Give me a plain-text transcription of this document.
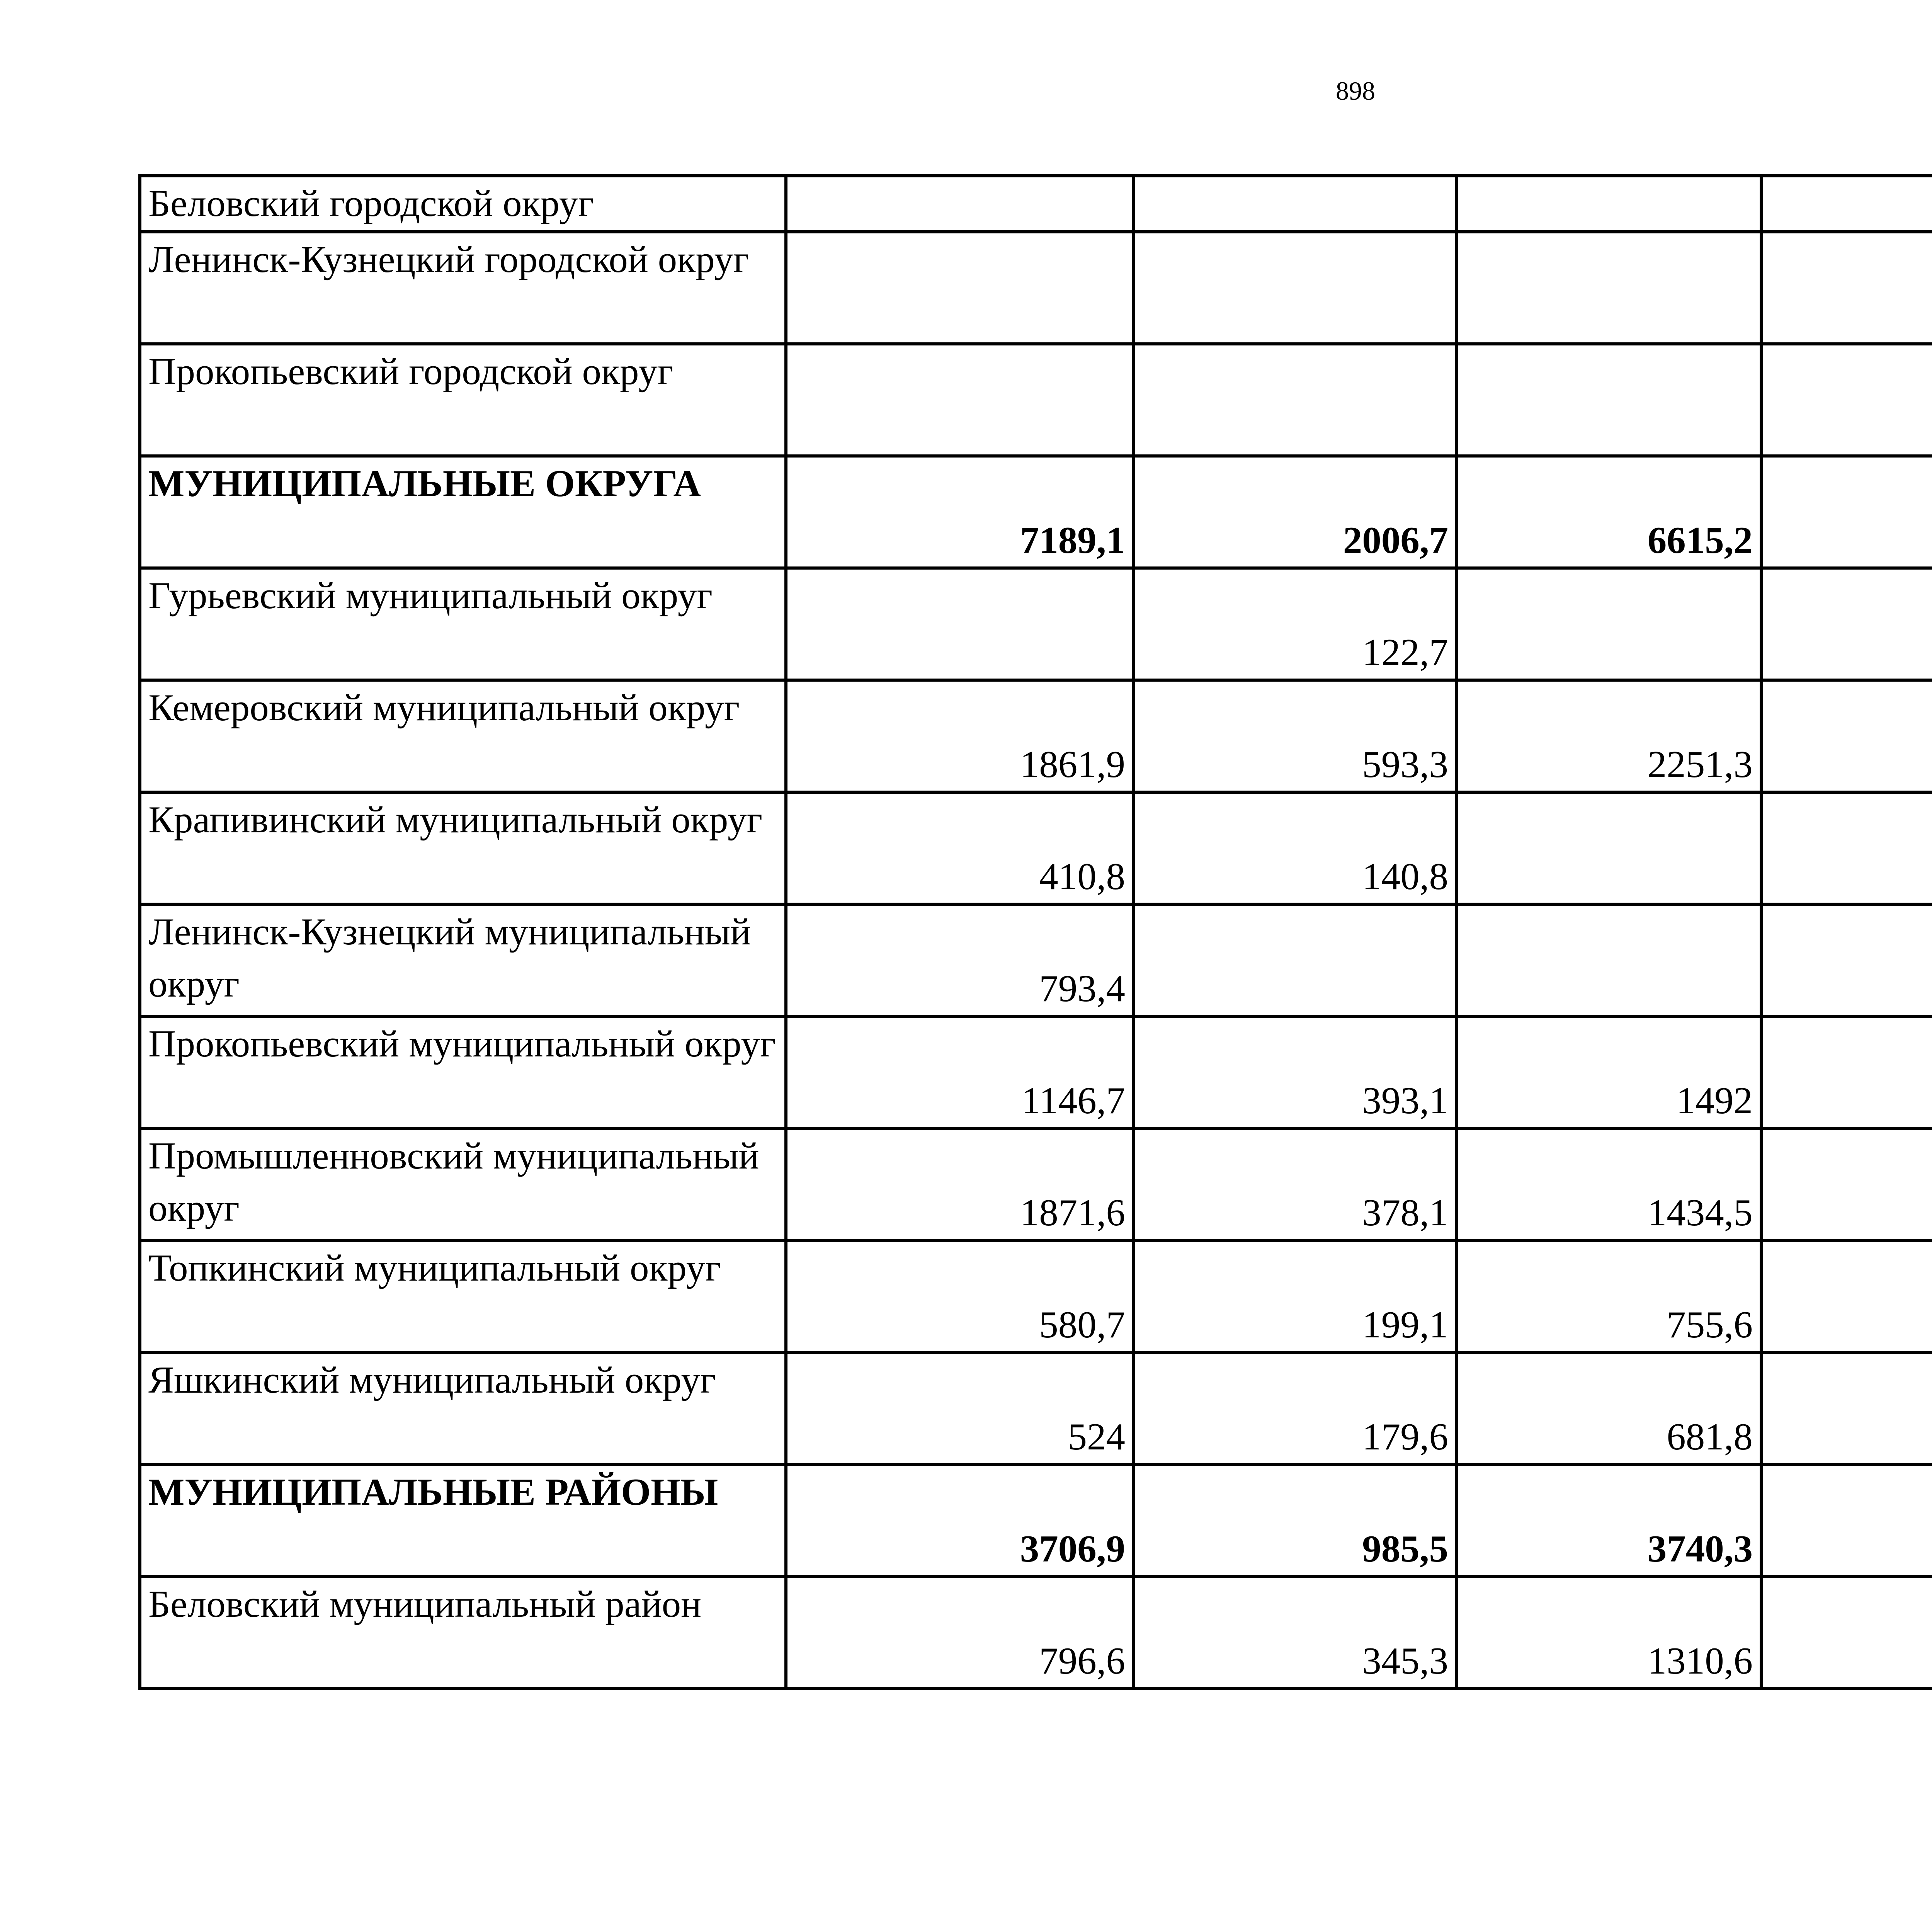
898
Беловский городской округ						
Ленинск-Кузнецкий городской округ						
Прокопьевский городской округ						
МУНИЦИПАЛЬНЫЕ ОКРУГА	7189,1	2006,7	6615,2			
Гурьевский муниципальный округ		122,7				
Кемеровский муниципальный округ	1861,9	593,3	2251,3			
Крапивинский муниципальный округ	410,8	140,8				
Ленинск-Кузнецкий муниципальный округ	793,4					
Прокопьевский муниципальный округ	1146,7	393,1	1492			
Промышленновский муниципальный округ	1871,6	378,1	1434,5			
Топкинский муниципальный округ	580,7	199,1	755,6			
Яшкинский муниципальный округ	524	179,6	681,8			
МУНИЦИПАЛЬНЫЕ РАЙОНЫ	3706,9	985,5	3740,3			
Беловский муниципальный район	796,6	345,3	1310,6			
